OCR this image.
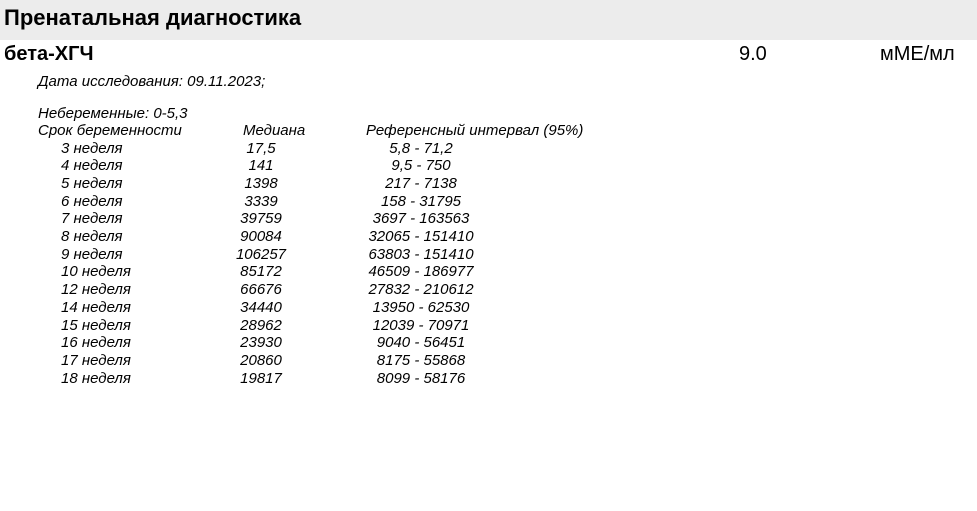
Пренатальная диагностика
бета-ХГЧ	9.0	мМЕ/мл
Дата исследования: 09.11.2023;
Небеременные: 0-5,3
Срок беременности	Медиана	Референсный интервал (95%)
3 неделя	17,5	5,8 - 71,2
4 неделя	141	9,5 - 750
5 неделя	1398	217 - 7138
6 неделя	3339	158 - 31795
7 неделя	39759	3697 - 163563
8 неделя	90084	32065 - 151410
9 неделя	106257	63803 - 151410
10 неделя	85172	46509 - 186977
12 неделя	66676	27832 - 210612
14 неделя	34440	13950 - 62530
15 неделя	28962	12039 - 70971
16 неделя	23930	9040 - 56451
17 неделя	20860	8175 - 55868
18 неделя	19817	8099 - 58176
